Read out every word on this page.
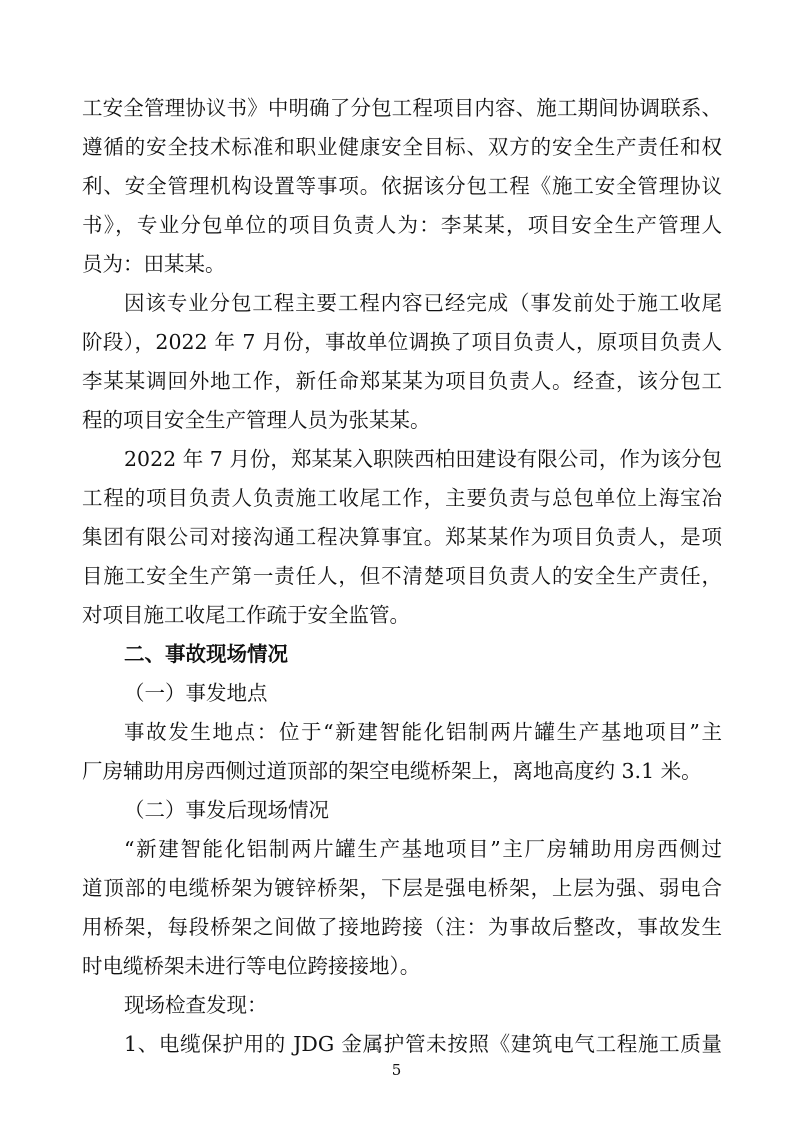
工安全管理协议书》中明确了分包工程项目内容、施工期间协调联系、
遵循的安全技术标准和职业健康安全目标、双方的安全生产责任和权
利、安全管理机构设置等事项。依据该分包工程《施工安全管理协议
书》，专业分包单位的项目负责人为：李某某，项目安全生产管理人
员为：田某某。
因该专业分包工程主要工程内容已经完成（事发前处于施工收尾
阶段），2022 年 7 月份，事故单位调换了项目负责人，原项目负责人
李某某调回外地工作，新任命郑某某为项目负责人。经查，该分包工
程的项目安全生产管理人员为张某某。
2022 年 7 月份，郑某某入职陕西柏田建设有限公司，作为该分包
工程的项目负责人负责施工收尾工作，主要负责与总包单位上海宝冶
集团有限公司对接沟通工程决算事宜。郑某某作为项目负责人，是项
目施工安全生产第一责任人，但不清楚项目负责人的安全生产责任，
对项目施工收尾工作疏于安全监管。
二、事故现场情况
（一）事发地点
事故发生地点：位于“新建智能化铝制两片罐生产基地项目”主
厂房辅助用房西侧过道顶部的架空电缆桥架上，离地高度约 3.1 米。
（二）事发后现场情况
“新建智能化铝制两片罐生产基地项目”主厂房辅助用房西侧过
道顶部的电缆桥架为镀锌桥架，下层是强电桥架，上层为强、弱电合
用桥架，每段桥架之间做了接地跨接（注：为事故后整改，事故发生
时电缆桥架未进行等电位跨接接地）。
现场检查发现：
1、电缆保护用的 JDG 金属护管未按照《建筑电气工程施工质量
5
